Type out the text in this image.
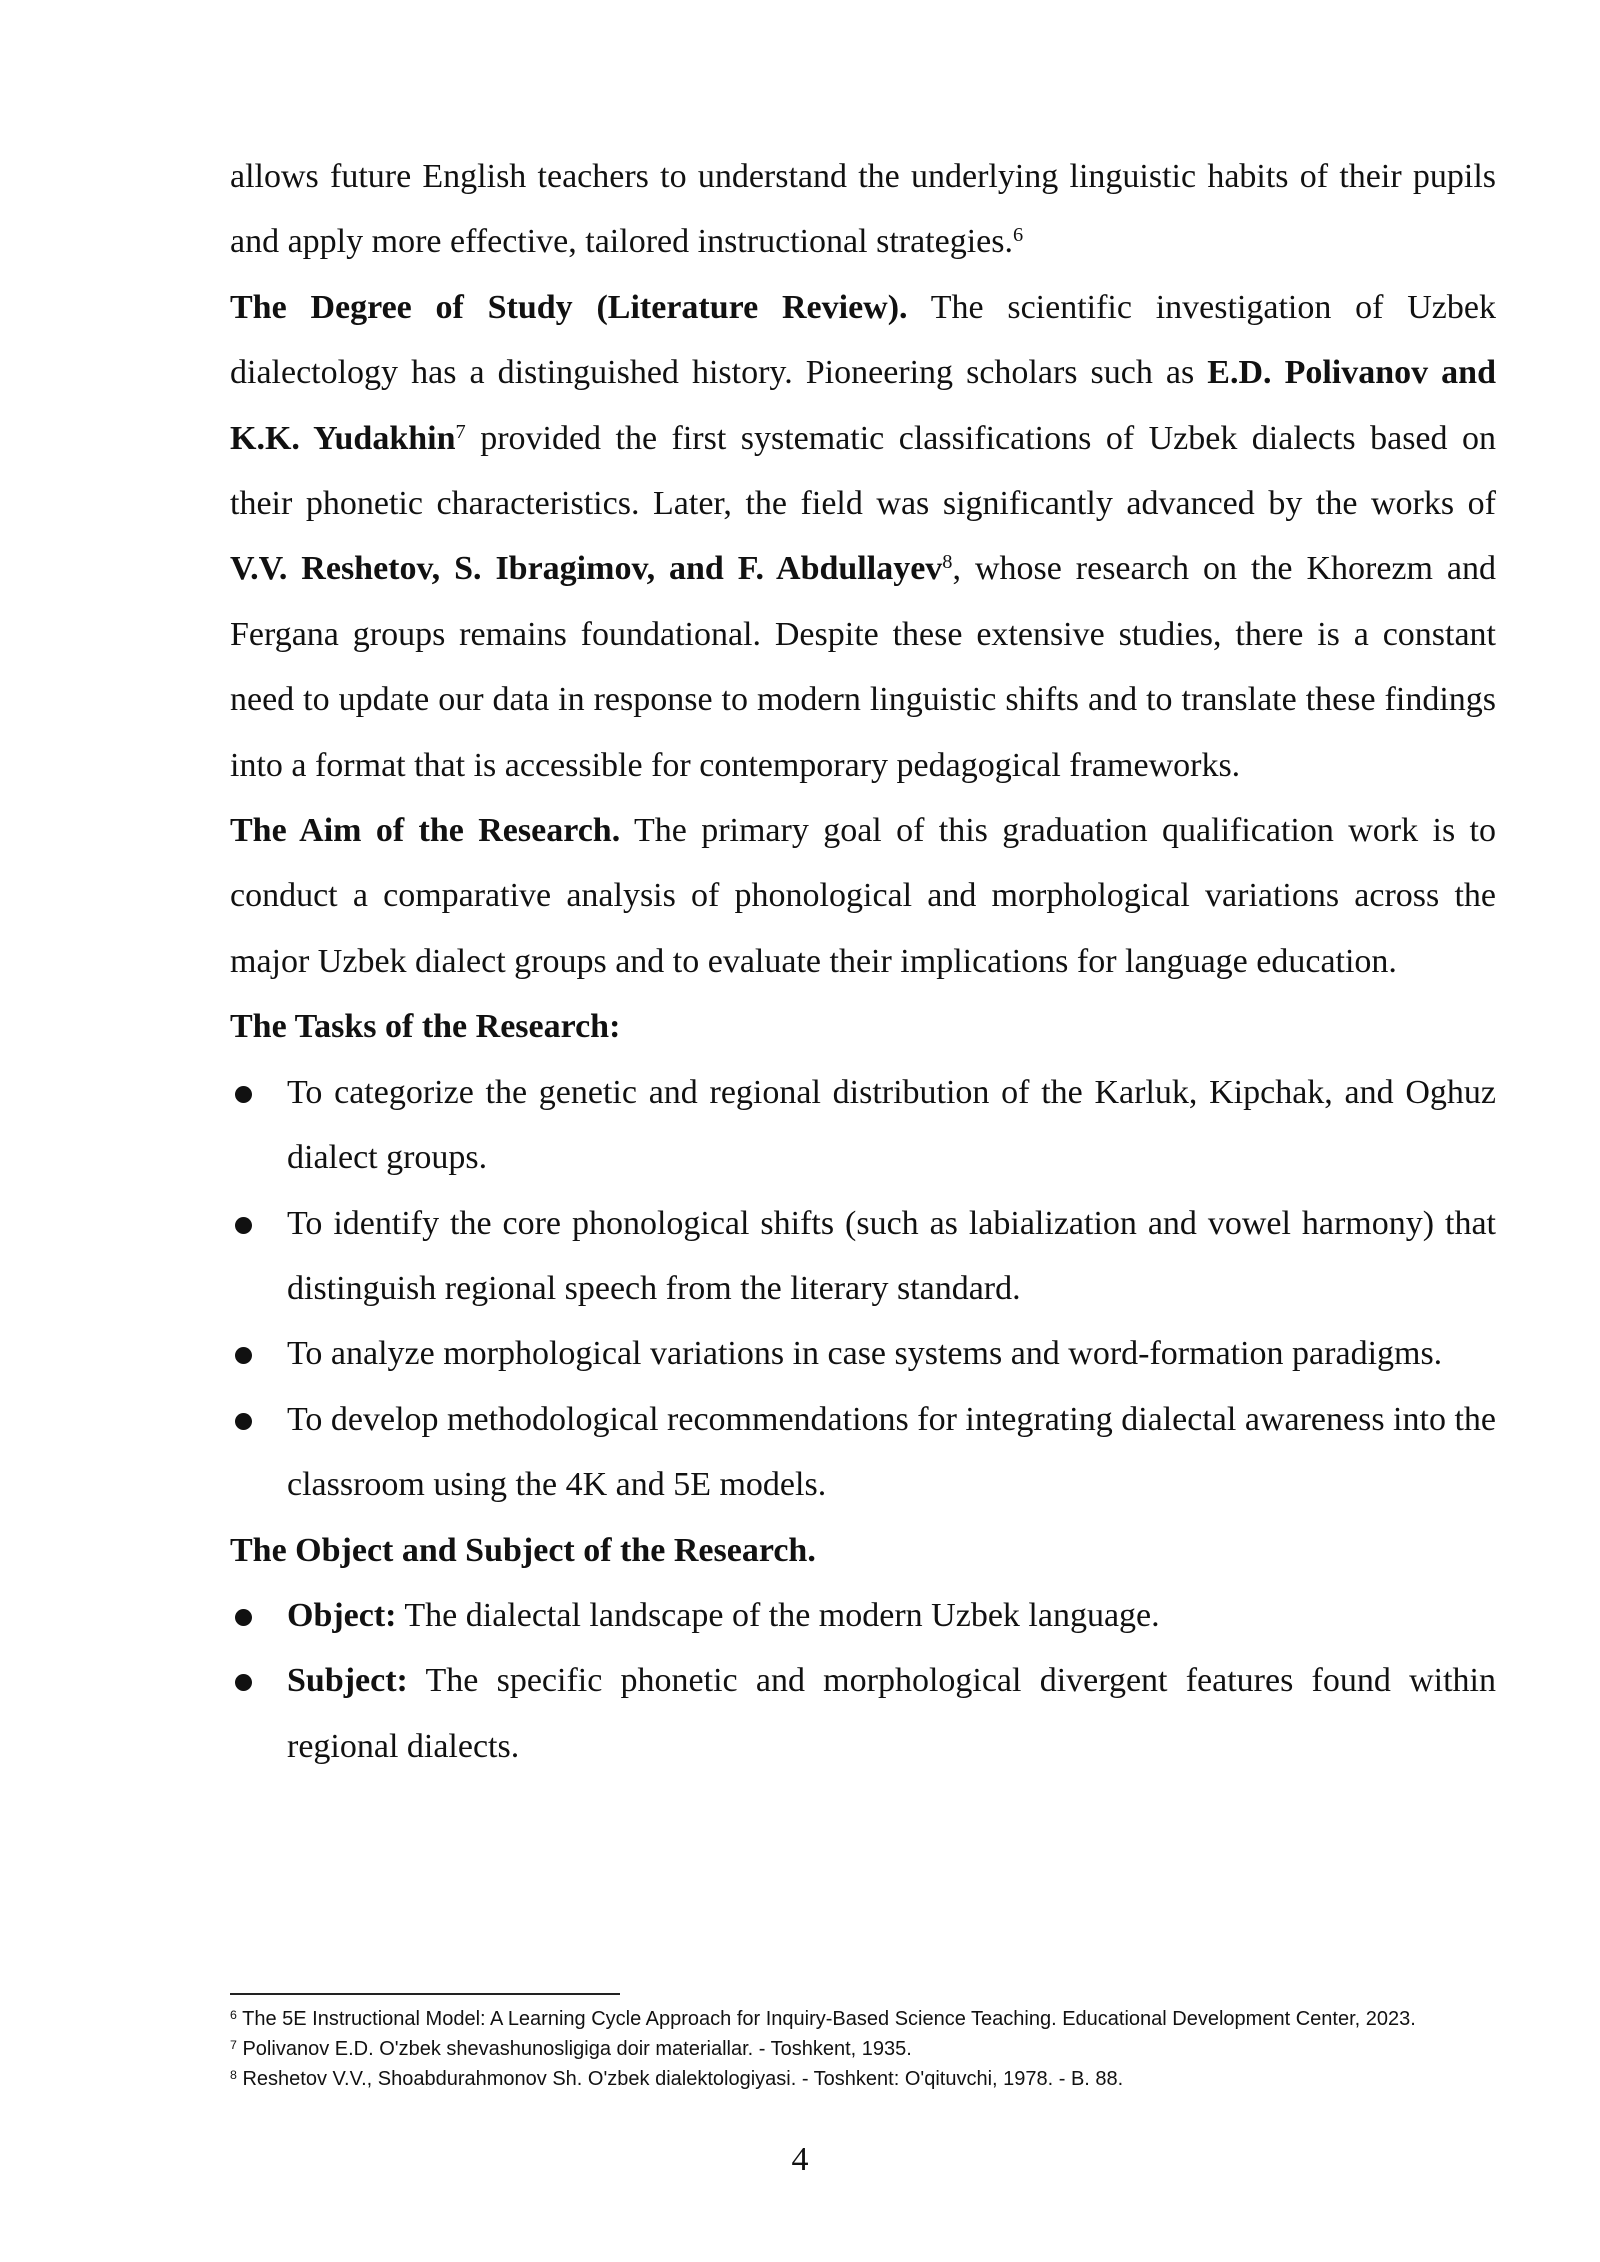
allows future English teachers to understand the underlying linguistic habits of their pupils and apply more effective, tailored instructional strategies.$^6$

The Degree of Study (Literature Review). The scientific investigation of Uzbek dialectology has a distinguished history. Pioneering scholars such as E.D. Polivanov and K.K. Yudakhin$^7$ provided the first systematic classifications of Uzbek dialects based on their phonetic characteristics. Later, the field was significantly advanced by the works of V.V. Reshetov, S. Ibragimov, and F. Abdullayev$^8$, whose research on the Khorezm and Fergana groups remains foundational. Despite these extensive studies, there is a constant need to update our data in response to modern linguistic shifts and to translate these findings into a format that is accessible for contemporary pedagogical frameworks.

The Aim of the Research. The primary goal of this graduation qualification work is to conduct a comparative analysis of phonological and morphological variations across the major Uzbek dialect groups and to evaluate their implications for language education.

The Tasks of the Research:

To categorize the genetic and regional distribution of the Karluk, Kipchak, and Oghuz dialect groups.
To identify the core phonological shifts (such as labialization and vowel harmony) that distinguish regional speech from the literary standard.
To analyze morphological variations in case systems and word-formation paradigms.
To develop methodological recommendations for integrating dialectal awareness into the classroom using the 4K and 5E models.

The Object and Subject of the Research.

Object: The dialectal landscape of the modern Uzbek language.
Subject: The specific phonetic and morphological divergent features found within regional dialects.

$^6$ The 5E Instructional Model: A Learning Cycle Approach for Inquiry-Based Science Teaching. Educational Development Center, 2023.

$^7$ Polivanov E.D. O'zbek shevashunosligiga doir materiallar. - Toshkent, 1935.

$^8$ Reshetov V.V., Shoabdurahmonov Sh. O'zbek dialektologiyasi. - Toshkent: O'qituvchi, 1978. - B. 88.

4
